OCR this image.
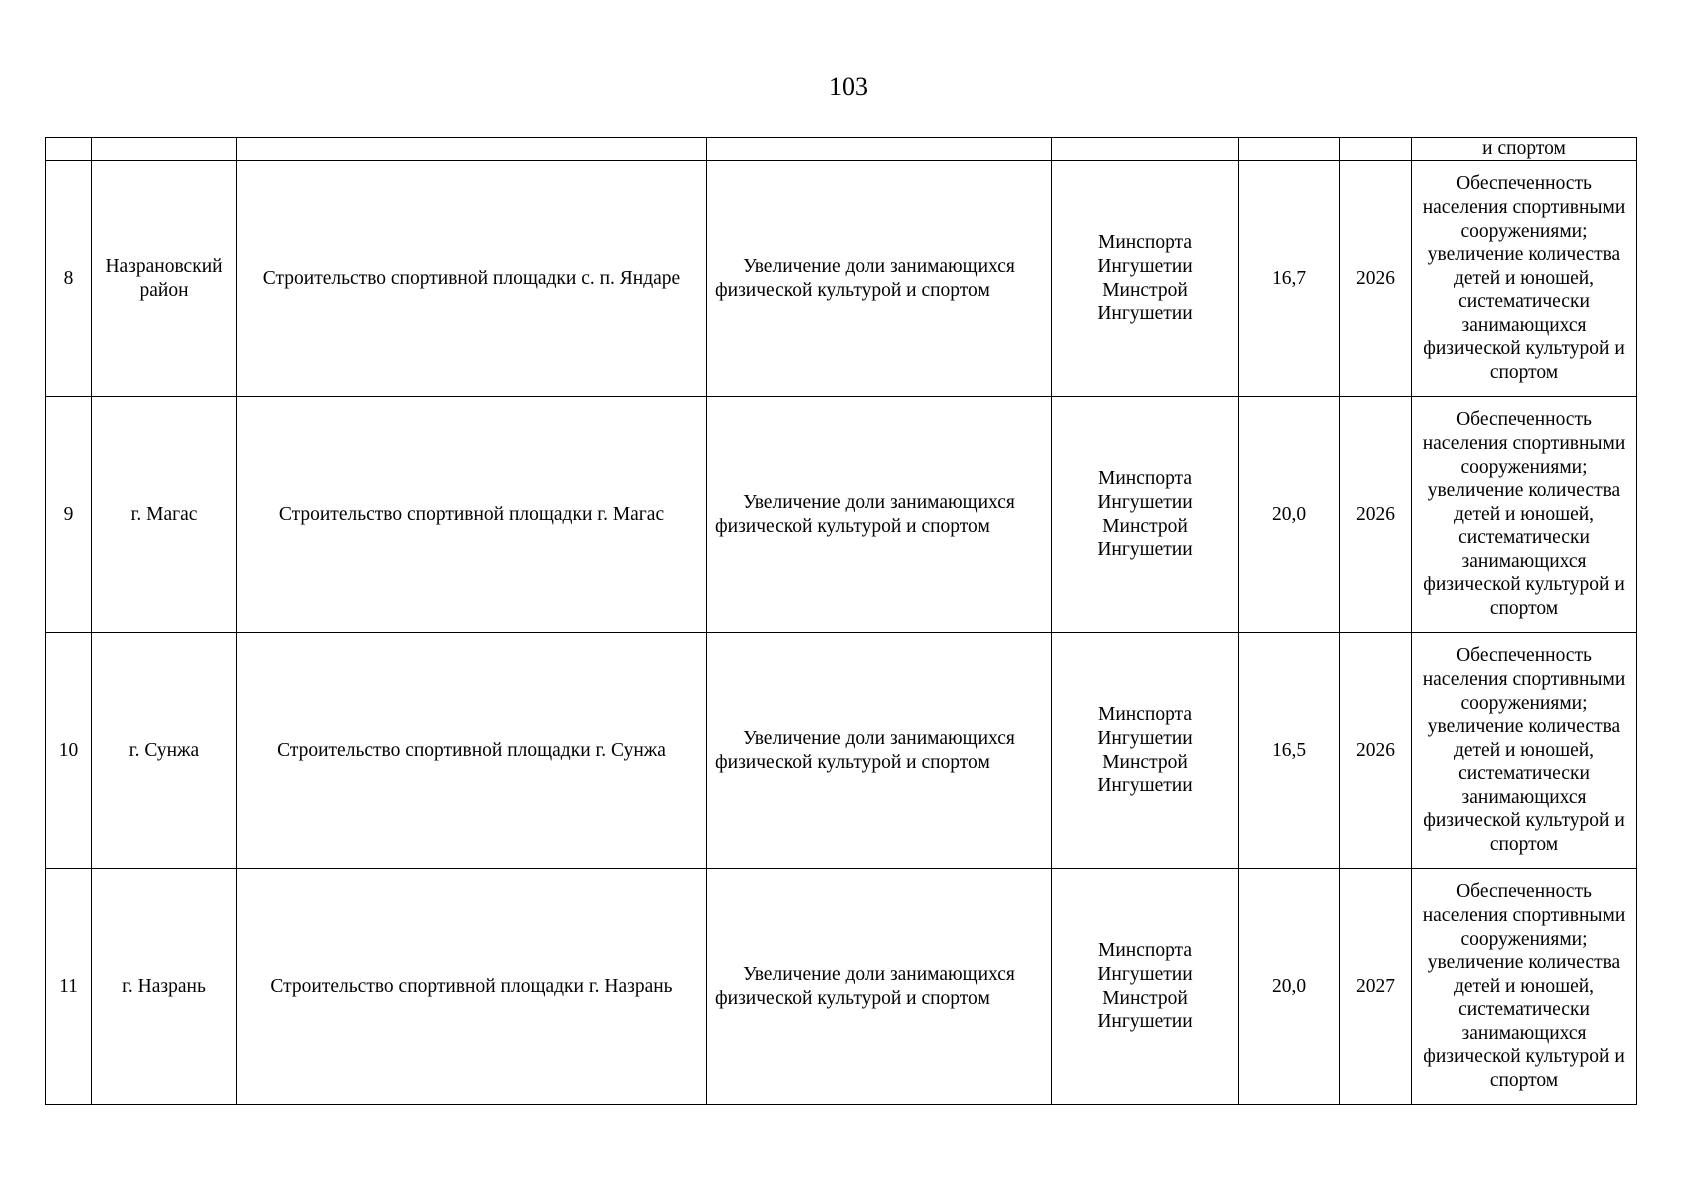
103
							и спортом
8	Назрановский район	Строительство спортивной площадки с. п. Яндаре	Увеличение доли занимающихся физической культурой и спортом	Минспорта Ингушетии Минстрой Ингушетии	16,7	2026	Обеспеченность населения спортивными сооружениями; увеличение количества детей и юношей, систематически занимающихся физической культурой и спортом
9	г. Магас	Строительство спортивной площадки г. Магас	Увеличение доли занимающихся физической культурой и спортом	Минспорта Ингушетии Минстрой Ингушетии	20,0	2026	Обеспеченность населения спортивными сооружениями; увеличение количества детей и юношей, систематически занимающихся физической культурой и спортом
10	г. Сунжа	Строительство спортивной площадки г. Сунжа	Увеличение доли занимающихся физической культурой и спортом	Минспорта Ингушетии Минстрой Ингушетии	16,5	2026	Обеспеченность населения спортивными сооружениями; увеличение количества детей и юношей, систематически занимающихся физической культурой и спортом
11	г. Назрань	Строительство спортивной площадки г. Назрань	Увеличение доли занимающихся физической культурой и спортом	Минспорта Ингушетии Минстрой Ингушетии	20,0	2027	Обеспеченность населения спортивными сооружениями; увеличение количества детей и юношей, систематически занимающихся физической культурой и спортом
